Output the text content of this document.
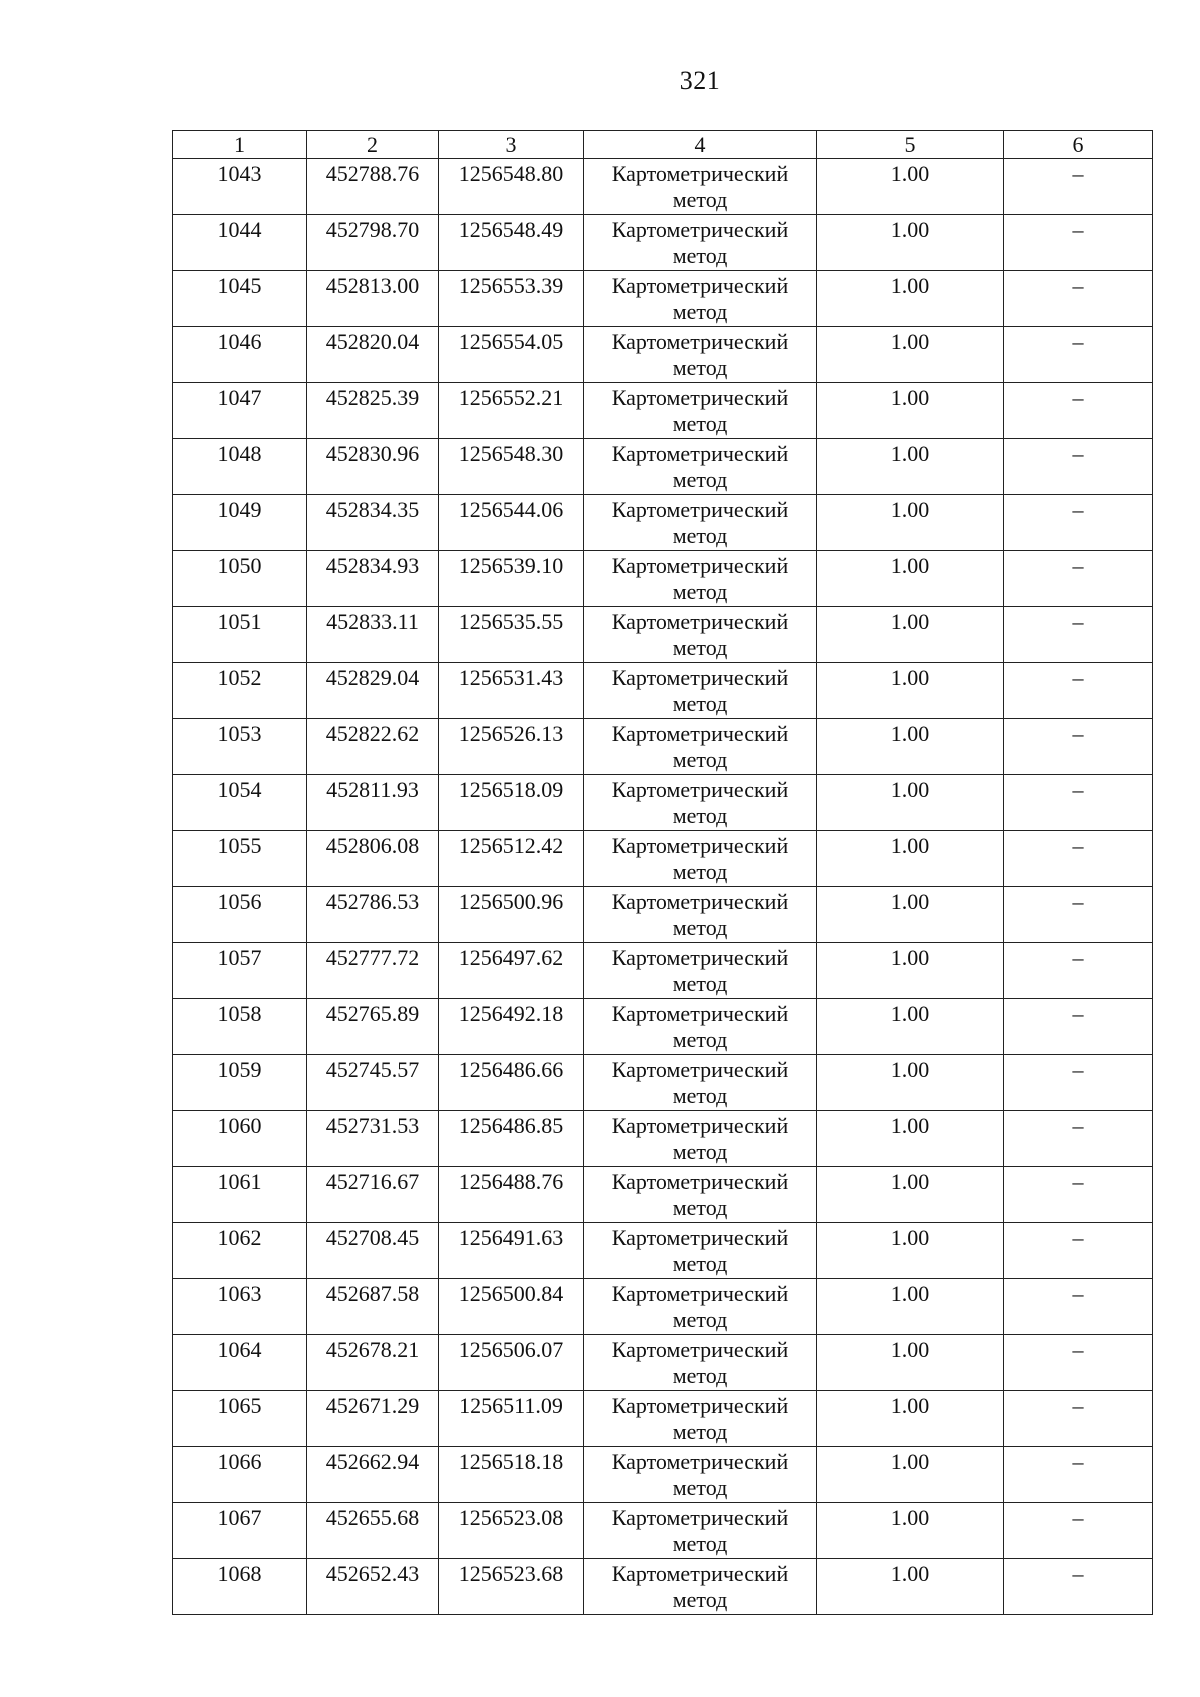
321
1	2	3	4	5	6
1043	452788.76	1256548.80	Картометрический метод	1.00	–
1044	452798.70	1256548.49	Картометрический метод	1.00	–
1045	452813.00	1256553.39	Картометрический метод	1.00	–
1046	452820.04	1256554.05	Картометрический метод	1.00	–
1047	452825.39	1256552.21	Картометрический метод	1.00	–
1048	452830.96	1256548.30	Картометрический метод	1.00	–
1049	452834.35	1256544.06	Картометрический метод	1.00	–
1050	452834.93	1256539.10	Картометрический метод	1.00	–
1051	452833.11	1256535.55	Картометрический метод	1.00	–
1052	452829.04	1256531.43	Картометрический метод	1.00	–
1053	452822.62	1256526.13	Картометрический метод	1.00	–
1054	452811.93	1256518.09	Картометрический метод	1.00	–
1055	452806.08	1256512.42	Картометрический метод	1.00	–
1056	452786.53	1256500.96	Картометрический метод	1.00	–
1057	452777.72	1256497.62	Картометрический метод	1.00	–
1058	452765.89	1256492.18	Картометрический метод	1.00	–
1059	452745.57	1256486.66	Картометрический метод	1.00	–
1060	452731.53	1256486.85	Картометрический метод	1.00	–
1061	452716.67	1256488.76	Картометрический метод	1.00	–
1062	452708.45	1256491.63	Картометрический метод	1.00	–
1063	452687.58	1256500.84	Картометрический метод	1.00	–
1064	452678.21	1256506.07	Картометрический метод	1.00	–
1065	452671.29	1256511.09	Картометрический метод	1.00	–
1066	452662.94	1256518.18	Картометрический метод	1.00	–
1067	452655.68	1256523.08	Картометрический метод	1.00	–
1068	452652.43	1256523.68	Картометрический метод	1.00	–
